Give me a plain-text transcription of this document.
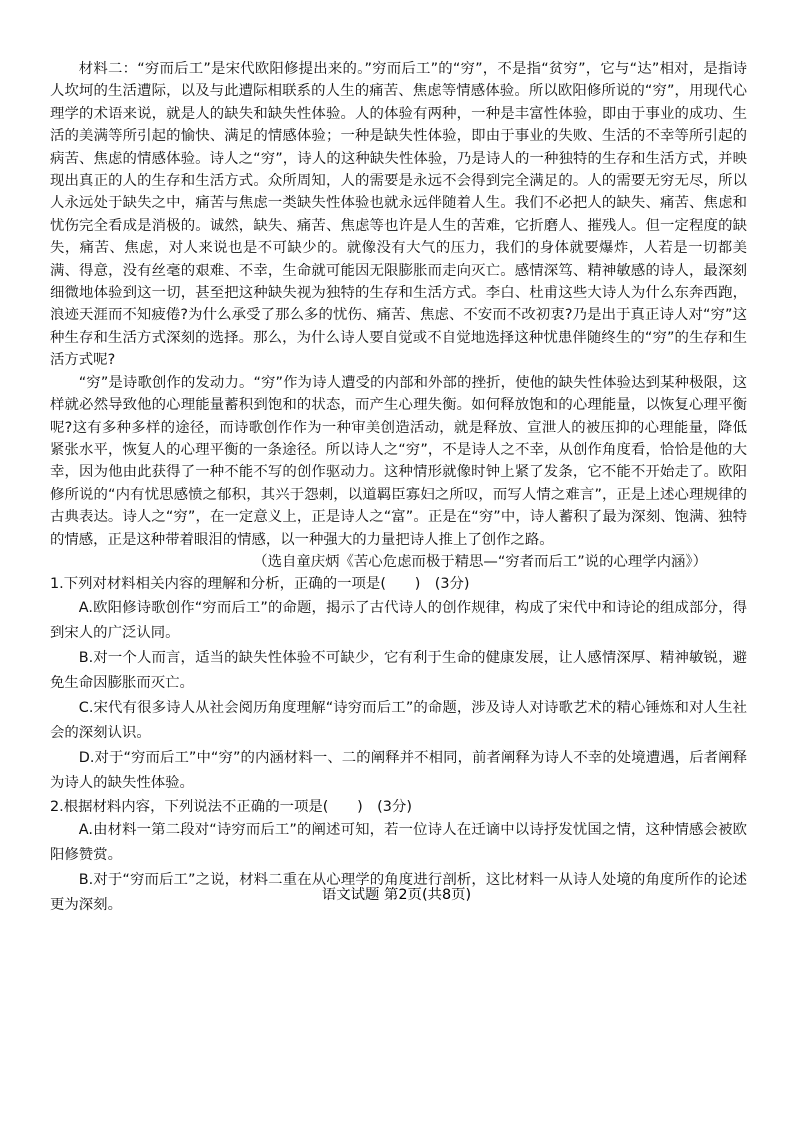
材料二：“穷而后工”是宋代欧阳修提出来的。”穷而后工”的“穷”，不是指“贫穷”，它与“达”相对，是指诗人坎坷的生活遭际，以及与此遭际相联系的人生的痛苦、焦虑等情感体验。所以欧阳修所说的“穷”，用现代心理学的术语来说，就是人的缺失和缺失性体验。人的体验有两种，一种是丰富性体验，即由于事业的成功、生活的美满等所引起的愉快、满足的情感体验；一种是缺失性体验，即由于事业的失败、生活的不幸等所引起的病苦、焦虑的情感体验。诗人之“穷”，诗人的这种缺失性体验，乃是诗人的一种独特的生存和生活方式，并映现出真正的人的生存和生活方式。众所周知，人的需要是永远不会得到完全满足的。人的需要无穷无尽，所以人永远处于缺失之中，痛苦与焦虑一类缺失性体验也就永远伴随着人生。我们不必把人的缺失、痛苦、焦虑和忧伤完全看成是消极的。诚然，缺失、痛苦、焦虑等也许是人生的苦难，它折磨人、摧残人。但一定程度的缺失，痛苦、焦虑，对人来说也是不可缺少的。就像没有大气的压力，我们的身体就要爆炸，人若是一切都美满、得意，没有丝毫的艰难、不幸，生命就可能因无限膨胀而走向灭亡。感情深笃、精神敏感的诗人，最深刻细微地体验到这一切，甚至把这种缺失视为独特的生存和生活方式。李白、杜甫这些大诗人为什么东奔西跑，浪迹天涯而不知疲倦?为什么承受了那么多的忧伤、痛苦、焦虑、不安而不改初衷?乃是出于真正诗人对“穷”这种生存和生活方式深刻的选择。那么，为什么诗人要自觉或不自觉地选择这种忧患伴随终生的“穷”的生存和生活方式呢?

“穷”是诗歌创作的发动力。“穷”作为诗人遭受的内部和外部的挫折，使他的缺失性体验达到某种极限，这样就必然导致他的心理能量蓄积到饱和的状态，而产生心理失衡。如何释放饱和的心理能量，以恢复心理平衡呢?这有多种多样的途径，而诗歌创作作为一种审美创造活动，就是释放、宣泄人的被压抑的心理能量，降低紧张水平，恢复人的心理平衡的一条途径。所以诗人之“穷”，不是诗人之不幸，从创作角度看，恰恰是他的大幸，因为他由此获得了一种不能不写的创作驱动力。这种情形就像时钟上紧了发条，它不能不开始走了。欧阳修所说的“内有忧思感愤之郁积，其兴于怨刺，以道羁臣寡妇之所叹，而写人情之难言”，正是上述心理规律的古典表达。诗人之“穷”，在一定意义上，正是诗人之“富”。正是在“穷”中，诗人蓄积了最为深刻、饱满、独特的情感，正是这种带着眼泪的情感，以一种强大的力量把诗人推上了创作之路。

（选自童庆炳《苦心危虑而极于精思—“穷者而后工”说的心理学内涵》）

1.下列对材料相关内容的理解和分析，正确的一项是(　　)　(3分)

A.欧阳修诗歌创作“穷而后工”的命题，揭示了古代诗人的创作规律，构成了宋代中和诗论的组成部分，得到宋人的广泛认同。

B.对一个人而言，适当的缺失性体验不可缺少，它有利于生命的健康发展，让人感情深厚、精神敏锐，避免生命因膨胀而灭亡。

C.宋代有很多诗人从社会阅历角度理解“诗穷而后工”的命题，涉及诗人对诗歌艺术的精心锤炼和对人生社会的深刻认识。

D.对于“穷而后工”中“穷”的内涵材料一、二的阐释并不相同，前者阐释为诗人不幸的处境遭遇，后者阐释为诗人的缺失性体验。

2.根据材料内容，下列说法不正确的一项是(　　)　(3分)

A.由材料一第二段对“诗穷而后工”的阐述可知，若一位诗人在迁谪中以诗抒发忧国之情，这种情感会被欧阳修赞赏。

B.对于“穷而后工”之说，材料二重在从心理学的角度进行剖析，这比材料一从诗人处境的角度所作的论述更为深刻。

语文试题 第2页(共8页)
